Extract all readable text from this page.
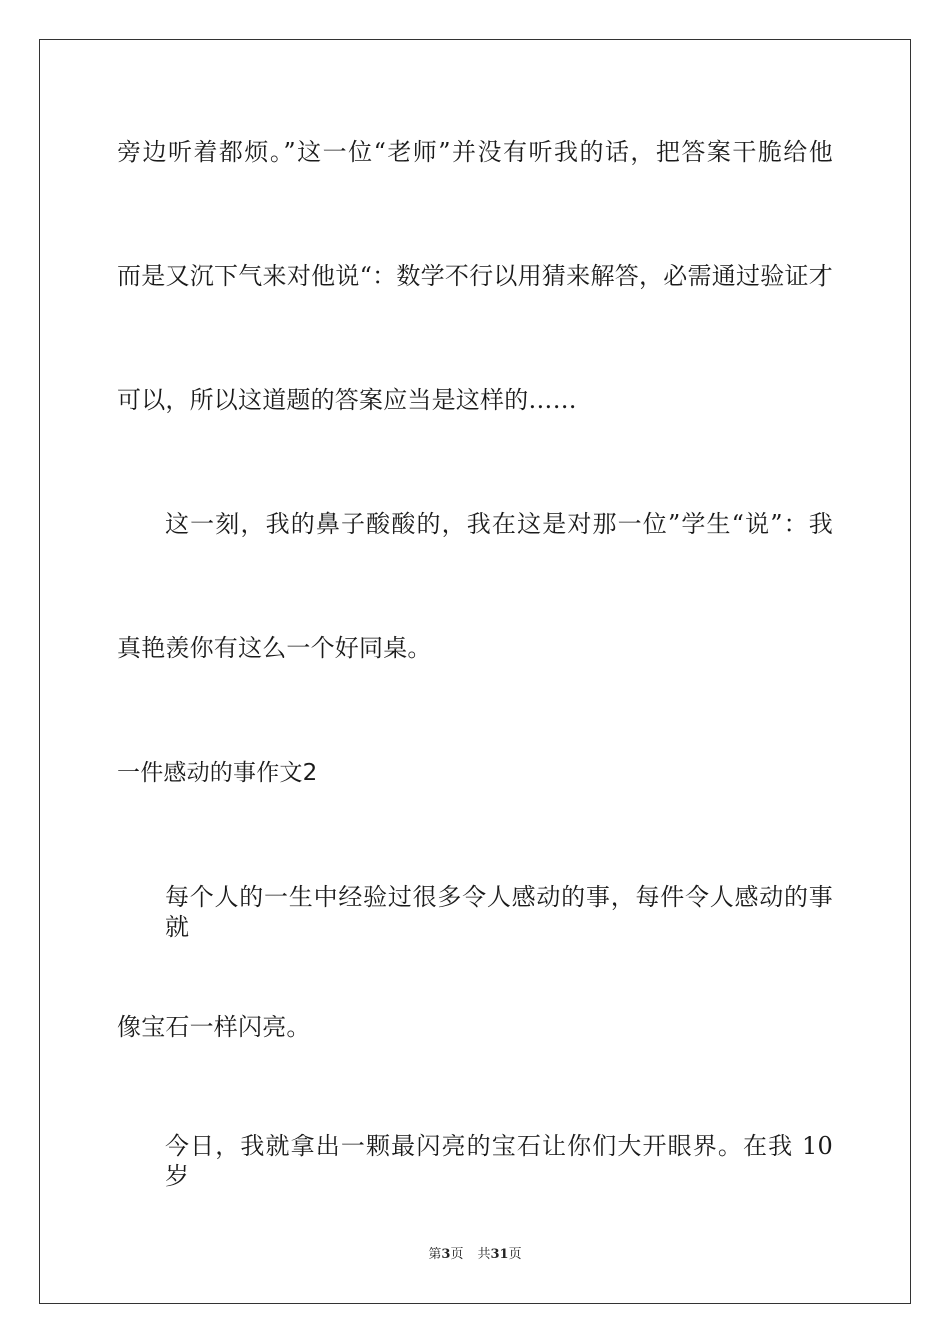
旁边听着都烦。”这一位“老师”并没有听我的话，把答案干脆给他
而是又沉下气来对他说“：数学不行以用猜来解答，必需通过验证才
可以，所以这道题的答案应当是这样的……
这一刻，我的鼻子酸酸的，我在这是对那一位”学生“说”：我
真艳羡你有这么一个好同桌。
一件感动的事作文2
每个人的一生中经验过很多令人感动的事，每件令人感动的事就
像宝石一样闪亮。
今日，我就拿出一颗最闪亮的宝石让你们大开眼界。在我 10 岁
第3页 共31页
